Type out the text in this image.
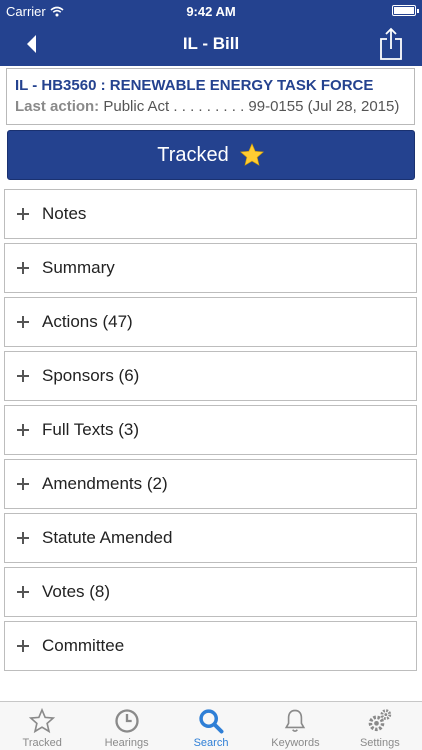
Carrier	9:42 AM
IL - Bill
IL - HB3560 : RENEWABLE ENERGY TASK FORCE
Last action: Public Act . . . . . . . . . 99-0155 (Jul 28, 2015)
Tracked
Notes
Summary
Actions (47)
Sponsors (6)
Full Texts (3)
Amendments (2)
Statute Amended
Votes (8)
Committee
Tracked	Hearings	Search	Keywords	Settings
